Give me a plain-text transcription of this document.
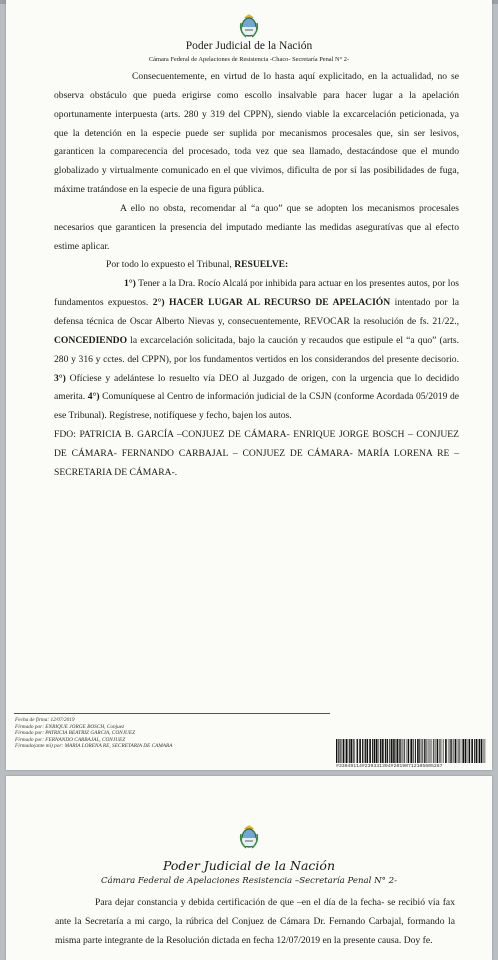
Poder Judicial de la Nación
Cámara Federal de Apelaciones de Resistencia -Chaco- Secretaría Penal N° 2-

Consecuentemente, en virtud de lo hasta aquí explicitado, en la actualidad, no se observa obstáculo que pueda erigirse como escollo insalvable para hacer lugar a la apelación oportunamente interpuesta (arts. 280 y 319 del CPPN), siendo viable la excarcelación peticionada, ya que la detención en la especie puede ser suplida por mecanismos procesales que, sin ser lesivos, garanticen la comparecencia del procesado, toda vez que sea llamado, destacándose que el mundo globalizado y virtualmente comunicado en el que vivimos, dificulta de por sí las posibilidades de fuga, máxime tratándose en la especie de una figura pública.

A ello no obsta, recomendar al “a quo” que se adopten los mecanismos procesales necesarios que garanticen la presencia del imputado mediante las medidas aseguratívas que al efecto estime aplicar.

Por todo lo expuesto el Tribunal, RESUELVE:

1°) Tener a la Dra. Rocío Alcalá por inhibida para actuar en los presentes autos, por los fundamentos expuestos. 2°) HACER LUGAR AL RECURSO DE APELACIÓN intentado por la defensa técnica de Oscar Alberto Nievas y, consecuentemente, REVOCAR la resolución de fs. 21/22., CONCEDIENDO la excarcelación solicitada, bajo la caución y recaudos que estipule el “a quo” (arts. 280 y 316 y cctes. del CPPN), por los fundamentos vertidos en los considerandos del presente decisorio. 3°) Ofíciese y adelántese lo resuelto vía DEO al Juzgado de origen, con la urgencia que lo decidido amerita. 4°) Comuníquese al Centro de información judicial de la CSJN (conforme Acordada 05/2019 de ese Tribunal). Regístrese, notifíquese y fecho, bajen los autos.

FDO: PATRICIA B. GARCÍA –CONJUEZ DE CÁMARA- ENRIQUE JORGE BOSCH – CONJUEZ DE CÁMARA- FERNANDO CARBAJAL – CONJUEZ DE CÁMARA- MARÍA LORENA RE – SECRETARIA DE CÁMARA-.

Fecha de firma: 12/07/2019
Firmado por: ENRIQUE JORGE BOSCH, Conjuez
Firmado por: PATRICIA BEATRIZ GARCIA, CONJUEZ
Firmado por: FERNANDO CARBAJAL, CONJUEZ
Firmado(ante mi) por: MARIA LORENA RE, SECRETARIA DE CAMARA
#33049114#239331394#20190712105605287
Poder Judicial de la Nación
Cámara Federal de Apelaciones Resistencia –Secretaría Penal N° 2-

Para dejar constancia y debida certificación de que –en el día de la fecha- se recibió vía fax ante la Secretaría a mi cargo, la rúbrica del Conjuez de Cámara Dr. Fernando Carbajal, formando la misma parte integrante de la Resolución dictada en fecha 12/07/2019 en la presente causa. Doy fe.
